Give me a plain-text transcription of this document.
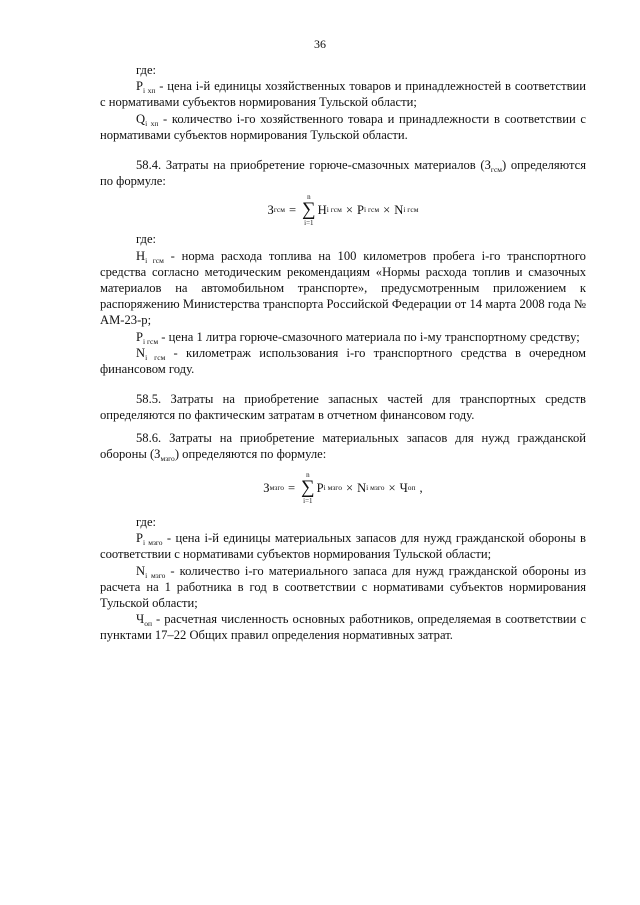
36

где:

$P_{i хп}$ - цена i-й единицы хозяйственных товаров и принадлежностей в соответствии с нормативами субъектов нормирования Тульской области;

$Q_{i хп}$ - количество i-го хозяйственного товара и принадлежности в соответствии с нормативами субъектов нормирования Тульской области.

58.4. Затраты на приобретение горюче-смазочных материалов $(З_{гсм})$ определяются по формуле:

З гсм =
n
∑
i=1
H i гсм × P i гсм × N i гсм

где:

$H_{i гсм}$ - норма расхода топлива на 100 километров пробега i-го транспортного средства согласно методическим рекомендациям «Нормы расхода топлив и смазочных материалов на автомобильном транспорте», предусмотренным приложением к распоряжению Министерства транспорта Российской Федерации от 14 марта 2008 года № АМ-23-р;

$P_{i гсм}$ - цена 1 литра горюче-смазочного материала по i-му транспортному средству;

$N_{i гсм}$ - километраж использования i-го транспортного средства в очередном финансовом году.

58.5. Затраты на приобретение запасных частей для транспортных средств определяются по фактическим затратам в отчетном финансовом году.

58.6. Затраты на приобретение материальных запасов для нужд гражданской обороны $(З_{мзго})$ определяются по формуле:

З мзго =
n
∑
i=1
P i мзго × N i мзго × Ч оп ,

где:

$P_{i мзго}$ - цена i-й единицы материальных запасов для нужд гражданской обороны в соответствии с нормативами субъектов нормирования Тульской области;

$N_{i мзго}$ - количество i-го материального запаса для нужд гражданской обороны из расчета на 1 работника в год в соответствии с нормативами субъектов нормирования Тульской области;

$Ч_{оп}$ - расчетная численность основных работников, определяемая в соответствии с пунктами 17–22 Общих правил определения нормативных затрат.
